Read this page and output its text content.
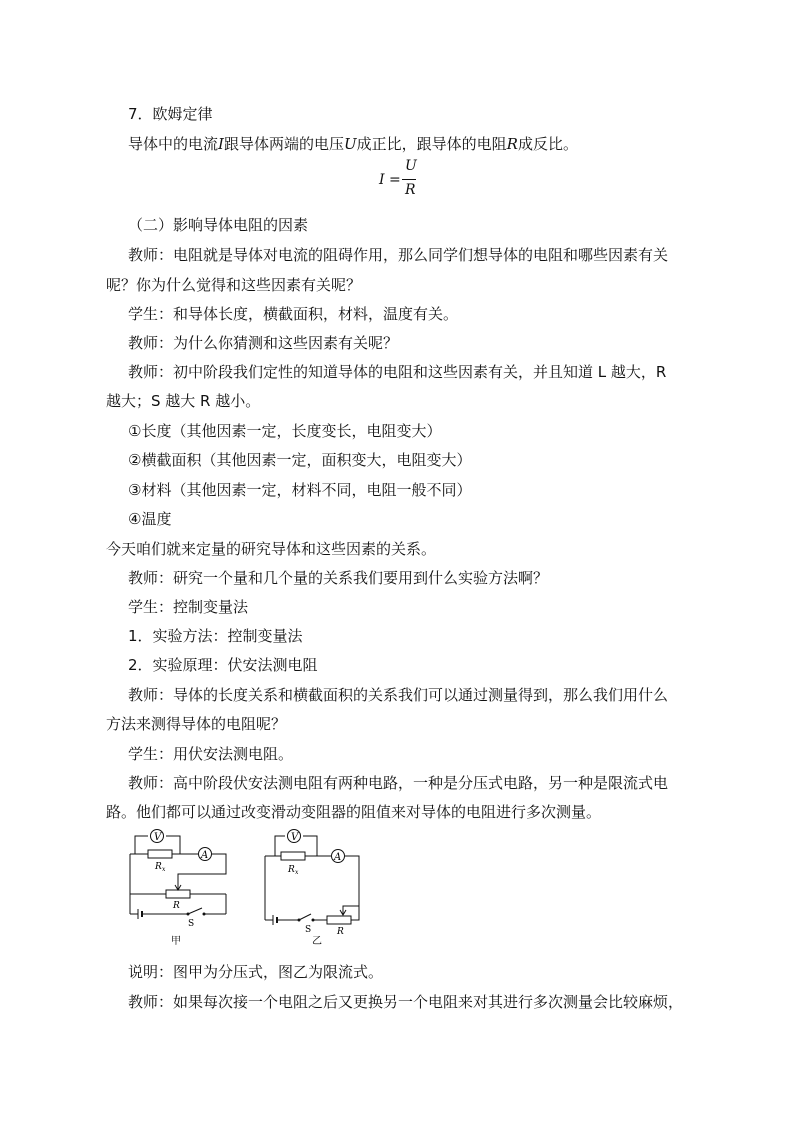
7．欧姆定律
导体中的电流I跟导体两端的电压U成正比，跟导体的电阻R成反比。
I =
U
R
（二）影响导体电阻的因素
教师：电阻就是导体对电流的阻碍作用，那么同学们想导体的电阻和哪些因素有关
呢？你为什么觉得和这些因素有关呢？
学生：和导体长度，横截面积，材料，温度有关。
教师：为什么你猜测和这些因素有关呢？
教师：初中阶段我们定性的知道导体的电阻和这些因素有关，并且知道 L 越大，R
越大；S 越大 R 越小。
①长度（其他因素一定，长度变长，电阻变大）
②横截面积（其他因素一定，面积变大，电阻变大）
③材料（其他因素一定，材料不同，电阻一般不同）
④温度
今天咱们就来定量的研究导体和这些因素的关系。
教师：研究一个量和几个量的关系我们要用到什么实验方法啊？
学生：控制变量法
1．实验方法：控制变量法
2．实验原理：伏安法测电阻
教师：导体的长度关系和横截面积的关系我们可以通过测量得到，那么我们用什么
方法来测得导体的电阻呢？
学生：用伏安法测电阻。
教师：高中阶段伏安法测电阻有两种电路，一种是分压式电路，另一种是限流式电
路。他们都可以通过改变滑动变阻器的阻值来对导体的电阻进行多次测量。
V
A
R x
R
S
甲
V
A
R x
R
S
乙
说明：图甲为分压式，图乙为限流式。
教师：如果每次接一个电阻之后又更换另一个电阻来对其进行多次测量会比较麻烦，
